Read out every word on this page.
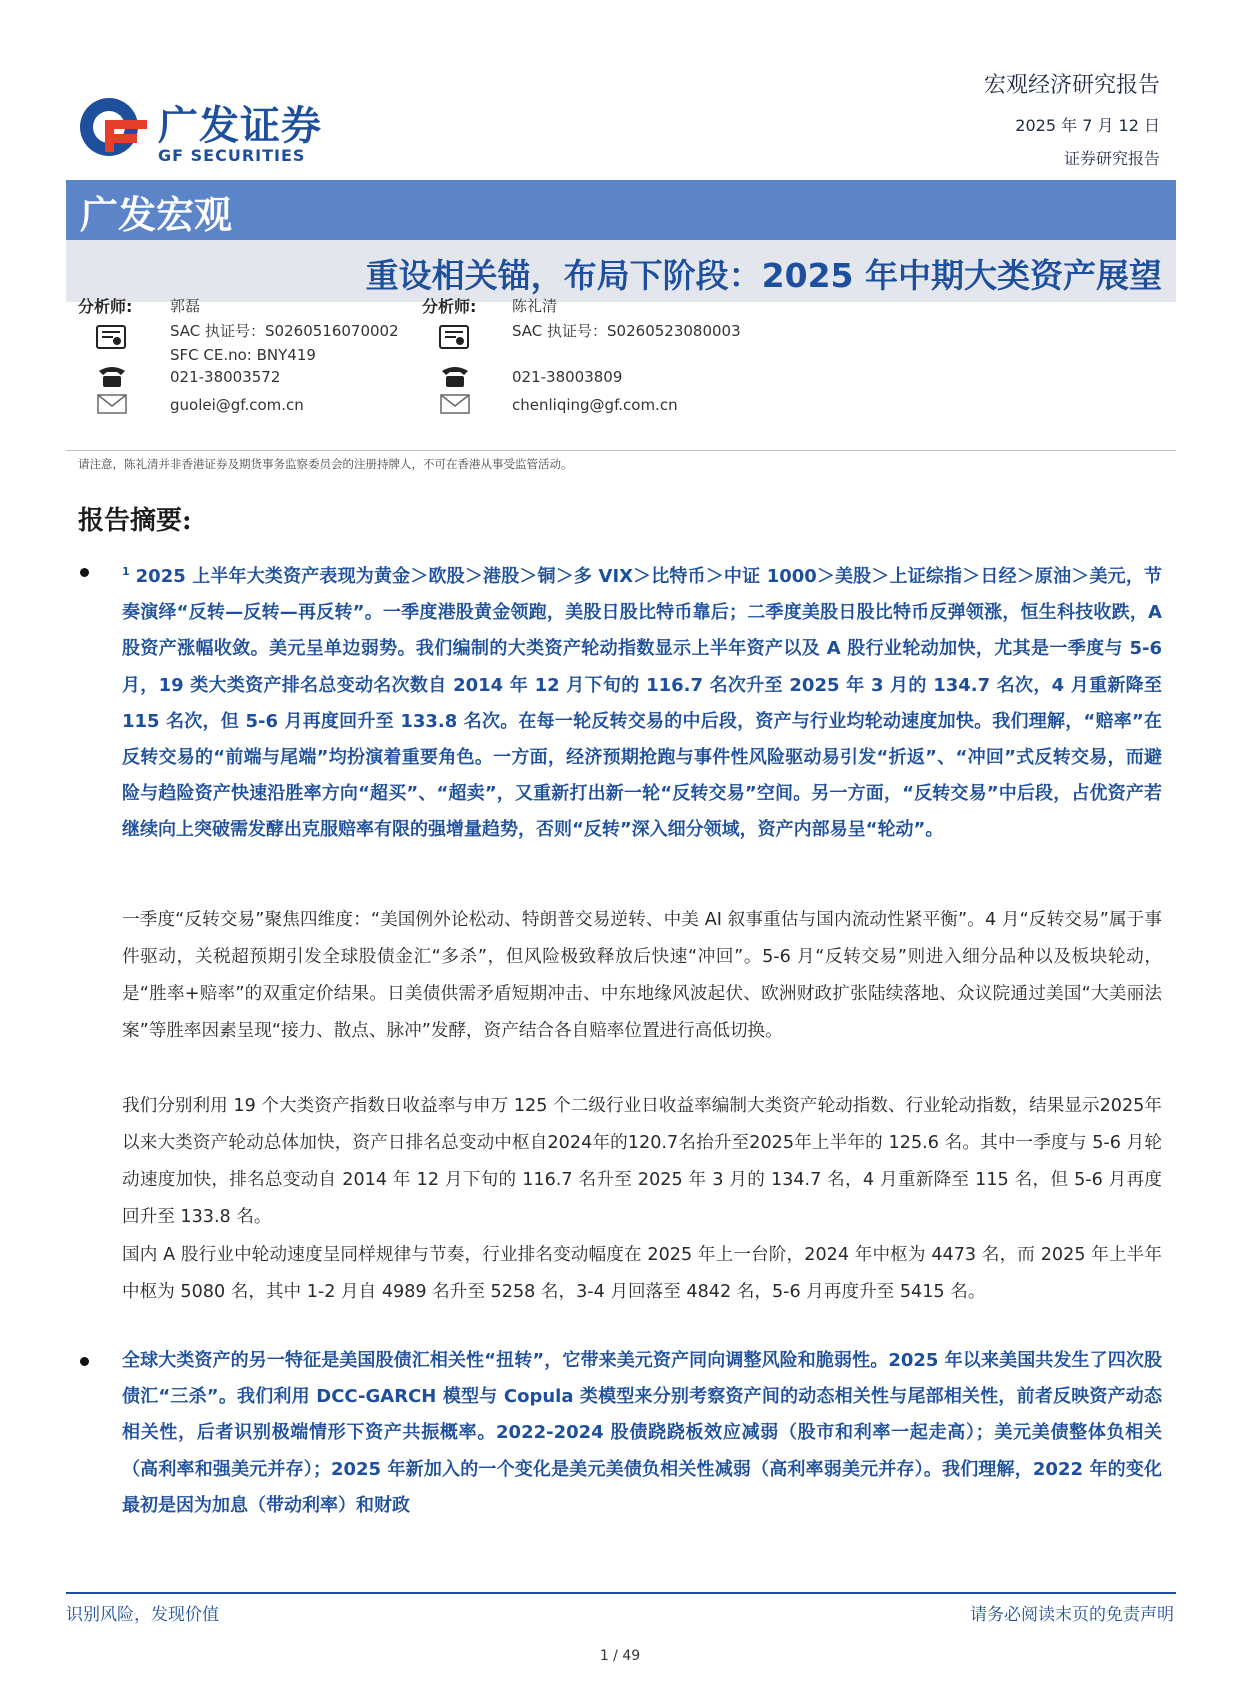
广发证券
GF SECURITIES
宏观经济研究报告
2025 年 7 月 12 日
证券研究报告
广发宏观
重设相关锚，布局下阶段：2025 年中期大类资产展望
分析师:	郭磊
SAC 执证号：S0260516070002
SFC CE.no: BNY419
021-38003572
guolei@gf.com.cn
分析师: 陈礼清
SAC 执证号：S0260523080003
021-38003809
chenliqing@gf.com.cn
请注意，陈礼清并非香港证券及期货事务监察委员会的注册持牌人，不可在香港从事受监管活动。
报告摘要:
$^1$ 2025 上半年大类资产表现为黄金＞欧股＞港股＞铜＞多 VIX＞比特币＞中证 1000＞美股＞上证综指＞日经＞原油＞美元，节奏演绎“反转—反转—再反转”。一季度港股黄金领跑，美股日股比特币靠后；二季度美股日股比特币反弹领涨，恒生科技收跌，A 股资产涨幅收敛。美元呈单边弱势。我们编制的大类资产轮动指数显示上半年资产以及 A 股行业轮动加快，尤其是一季度与 5-6 月，19 类大类资产排名总变动名次数自 2014 年 12 月下旬的 116.7 名次升至 2025 年 3 月的 134.7 名次，4 月重新降至 115 名次，但 5-6 月再度回升至 133.8 名次。在每一轮反转交易的中后段，资产与行业均轮动速度加快。我们理解，“赔率”在反转交易的“前端与尾端”均扮演着重要角色。一方面，经济预期抢跑与事件性风险驱动易引发“折返”、“冲回”式反转交易，而避险与趋险资产快速沿胜率方向“超买”、“超卖”，又重新打出新一轮“反转交易”空间。另一方面，“反转交易”中后段，占优资产若继续向上突破需发酵出克服赔率有限的强增量趋势，否则“反转”深入细分领域，资产内部易呈“轮动”。
一季度“反转交易”聚焦四维度：“美国例外论松动、特朗普交易逆转、中美 AI 叙事重估与国内流动性紧平衡”。4 月“反转交易”属于事件驱动，关税超预期引发全球股债金汇“多杀”，但风险极致释放后快速“冲回”。5-6 月“反转交易”则进入细分品种以及板块轮动，是“胜率+赔率”的双重定价结果。日美债供需矛盾短期冲击、中东地缘风波起伏、欧洲财政扩张陆续落地、众议院通过美国“大美丽法案”等胜率因素呈现“接力、散点、脉冲”发酵，资产结合各自赔率位置进行高低切换。
我们分别利用 19 个大类资产指数日收益率与申万 125 个二级行业日收益率编制大类资产轮动指数、行业轮动指数，结果显示2025年以来大类资产轮动总体加快，资产日排名总变动中枢自2024年的120.7名抬升至2025年上半年的 125.6 名。其中一季度与 5-6 月轮动速度加快，排名总变动自 2014 年 12 月下旬的 116.7 名升至 2025 年 3 月的 134.7 名，4 月重新降至 115 名，但 5-6 月再度回升至 133.8 名。
国内 A 股行业中轮动速度呈同样规律与节奏，行业排名变动幅度在 2025 年上一台阶，2024 年中枢为 4473 名，而 2025 年上半年中枢为 5080 名，其中 1-2 月自 4989 名升至 5258 名，3-4 月回落至 4842 名，5-6 月再度升至 5415 名。
全球大类资产的另一特征是美国股债汇相关性“扭转”，它带来美元资产同向调整风险和脆弱性。2025 年以来美国共发生了四次股债汇“三杀”。我们利用 DCC-GARCH 模型与 Copula 类模型来分别考察资产间的动态相关性与尾部相关性，前者反映资产动态相关性，后者识别极端情形下资产共振概率。2022-2024 股债跷跷板效应减弱（股市和利率一起走高）；美元美债整体负相关（高利率和强美元并存）；2025 年新加入的一个变化是美元美债负相关性减弱（高利率弱美元并存）。我们理解，2022 年的变化最初是因为加息（带动利率）和财政
识别风险，发现价值	请务必阅读末页的免责声明
1 / 49
